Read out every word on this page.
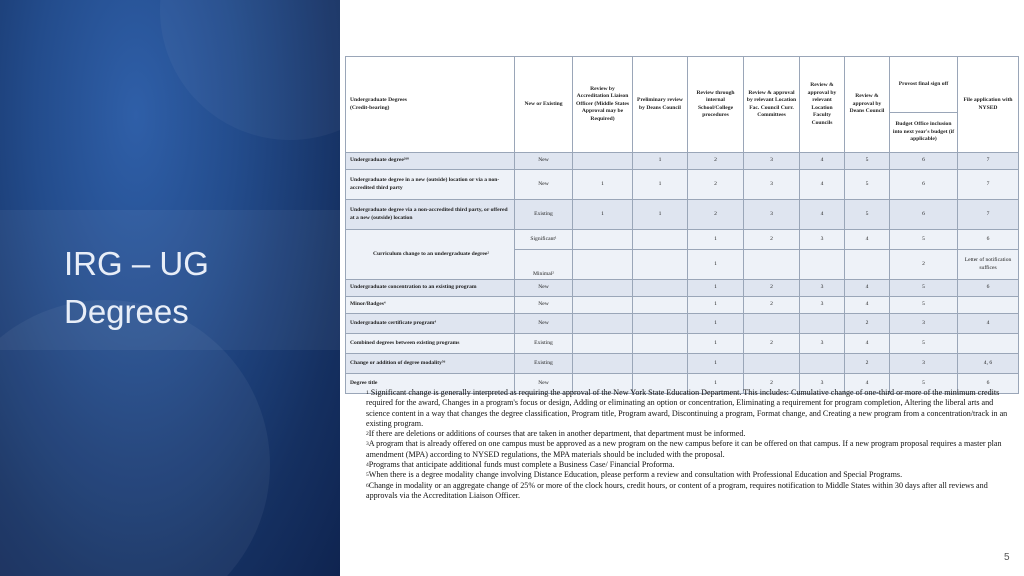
IRG – UG
Degrees
Undergraduate Degrees
(Credit-bearing)	New or Existing	Review by Accreditation Liaison Officer (Middle States Approval may be Required)	Preliminary review by Deans Council	Review through internal School/College procedures	Review & approval by relevant Location Fac. Council Curr. Committees	Review & approval by relevant Location Faculty Councils	Review & approval by Deans Council	Provost final sign off	File application with NYSED
								Budget Office inclusion into next year's budget (if applicable)	
Undergraduate degree²⁶⁸	New		1	2	3	4	5	6	7
Undergraduate degree in a new (outside) location or via a non-accredited third party	New	1	1	2	3	4	5	6	7
Undergraduate degree via a non-accredited third party, or offered at a new (outside) location	Existing	1	1	2	3	4	5	6	7
Curriculum change to an undergraduate degree²	Significant¹			1	2	3	4	5	6
	Minimal²			1				2	Letter of notification suffices
Undergraduate concentration to an existing program	New			1	2	3	4	5	6
Minor/Badges⁴	New			1	2	3	4	5	
Undergraduate certificate program⁴	New			1			2	3	4
Combined degrees between existing programs	Existing			1	2	3	4	5	
Change or addition of degree modality⁵⁶	Existing			1			2	3	4, 6
Degree title	New			1	2	3	4	5	6

$^1$ Significant change is generally interpreted as requiring the approval of the New York State Education Department. This includes: Cumulative change of one-third or more of the minimum credits required for the award, Changes in a program's focus or design, Adding or eliminating an option or concentration, Eliminating a requirement for program completion, Altering the liberal arts and science content in a way that changes the degree classification, Program title, Program award, Discontinuing a program, Format change, and Creating a new program from a concentration/track in an existing program.

$^2$If there are deletions or additions of courses that are taken in another department, that department must be informed.

$^3$A program that is already offered on one campus must be approved as a new program on the new campus before it can be offered on that campus. If a new program proposal requires a master plan amendment (MPA) according to NYSED regulations, the MPA materials should be included with the proposal.

$^4$Programs that anticipate additional funds must complete a Business Case/ Financial Proforma.

$^5$When there is a degree modality change involving Distance Education, please perform a review and consultation with Professional Education and Special Programs.

$^6$Change in modality or an aggregate change of 25% or more of the clock hours, credit hours, or content of a program, requires notification to Middle States within 30 days after all reviews and approvals via the Accreditation Liaison Officer.

5
